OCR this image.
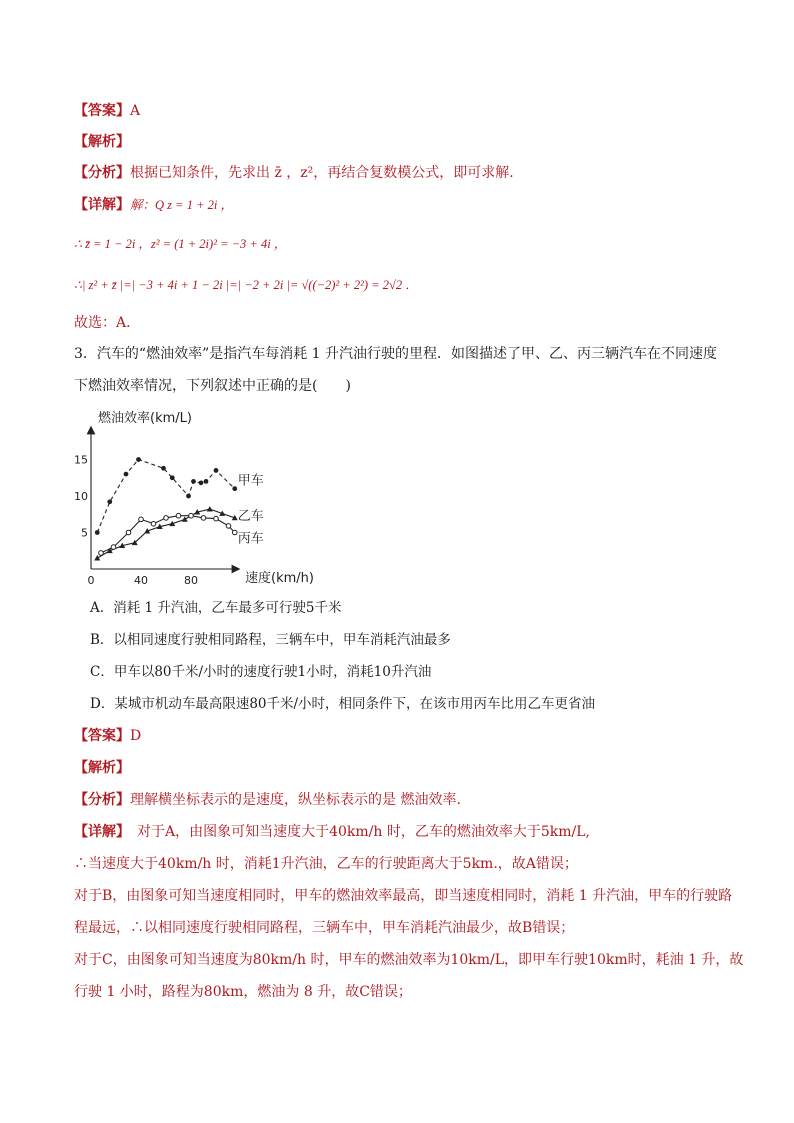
【答案】A
【解析】
【分析】根据已知条件，先求出 z̄ ，z²，再结合复数模公式，即可求解．
【详解】解：Q z = 1 + 2i ，
∴ z̄ = 1 − 2i ，z² = (1 + 2i)² = −3 + 4i ，
∴| z² + z̄ |=| −3 + 4i + 1 − 2i |=| −2 + 2i |= √((−2)² + 2²) = 2√2 ．
故选：A．
3．汽车的“燃油效率”是指汽车每消耗 1 升汽油行驶的里程．如图描述了甲、乙、丙三辆汽车在不同速度
下燃油效率情况，下列叙述中正确的是(　　)
燃油效率(km/L)
0	40	80
5
10
15
甲车
乙车
丙车
速度(km/h)
A．消耗 1 升汽油，乙车最多可行驶5千米
B．以相同速度行驶相同路程，三辆车中，甲车消耗汽油最多
C．甲车以80千米/小时的速度行驶1小时，消耗10升汽油
D．某城市机动车最高限速80千米/小时，相同条件下，在该市用丙车比用乙车更省油
【答案】D
【解析】
【分析】理解横坐标表示的是速度，纵坐标表示的是 燃油效率.
【详解】　对于A，由图象可知当速度大于40km/h 时，乙车的燃油效率大于5km/L,
∴当速度大于40km/h 时，消耗1升汽油，乙车的行驶距离大于5km.，故A错误；
对于B，由图象可知当速度相同时，甲车的燃油效率最高，即当速度相同时，消耗 1 升汽油，甲车的行驶路
程最远，∴以相同速度行驶相同路程，三辆车中，甲车消耗汽油最少，故B错误；
对于C，由图象可知当速度为80km/h 时，甲车的燃油效率为10km/L，即甲车行驶10km时，耗油 1 升，故
行驶 1 小时，路程为80km，燃油为 8 升，故C错误；
